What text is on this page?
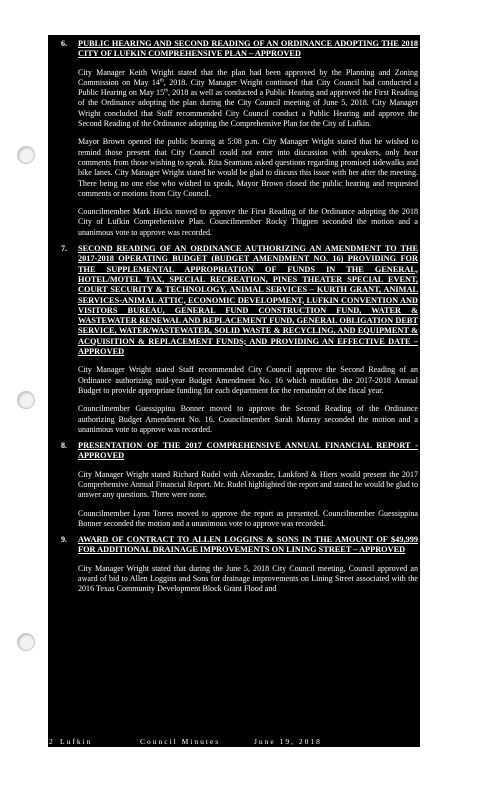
6. PUBLIC HEARING AND SECOND READING OF AN ORDINANCE ADOPTING THE 2018 CITY OF LUFKIN COMPREHENSIVE PLAN – APPROVED

City Manager Keith Wright stated that the plan had been approved by the Planning and Zoning Commission on May 14th, 2018. City Manager Wright continued that City Council had conducted a Public Hearing on May 15th, 2018 as well as conducted a Public Hearing and approved the First Reading of the Ordinance adopting the plan during the City Council meeting of June 5, 2018. City Manager Wright concluded that Staff recommended City Council conduct a Public Hearing and approve the Second Reading of the Ordinance adopting the Comprehensive Plan for the City of Lufkin.

Mayor Brown opened the public hearing at 5:08 p.m. City Manager Wright stated that he wished to remind those present that City Council could not enter into discussion with speakers, only hear comments from those wishing to speak. Rita Seamans asked questions regarding promised sidewalks and bike lanes. City Manager Wright stated he would be glad to discuss this issue with her after the meeting. There being no one else who wished to speak, Mayor Brown closed the public hearing and requested comments or motions from City Council.

Councilmember Mark Hicks moved to approve the First Reading of the Ordinance adopting the 2018 City of Lufkin Comprehensive Plan. Councilmember Rocky Thigpen seconded the motion and a unanimous vote to approve was recorded.

7. SECOND READING OF AN ORDINANCE AUTHORIZING AN AMENDMENT TO THE 2017-2018 OPERATING BUDGET (BUDGET AMENDMENT NO. 16) PROVIDING FOR THE SUPPLEMENTAL APPROPRIATION OF FUNDS IN THE GENERAL, HOTEL/MOTEL TAX, SPECIAL RECREATION, PINES THEATER SPECIAL EVENT, COURT SECURITY & TECHNOLOGY, ANIMAL SERVICES – KURTH GRANT, ANIMAL SERVICES-ANIMAL ATTIC, ECONOMIC DEVELOPMENT, LUFKIN CONVENTION AND VISITORS BUREAU, GENERAL FUND CONSTRUCTION FUND, WATER & WASTEWATER RENEWAL AND REPLACEMENT FUND, GENERAL OBLIGATION DEBT SERVICE, WATER/WASTEWATER, SOLID WASTE & RECYCLING, AND EQUIPMENT & ACQUISITION & REPLACEMENT FUNDS; AND PROVIDING AN EFFECTIVE DATE – APPROVED

City Manager Wright stated Staff recommended City Council approve the Second Reading of an Ordinance authorizing mid-year Budget Amendment No. 16 which modifies the 2017-2018 Annual Budget to provide appropriate funding for each department for the remainder of the fiscal year.

Councilmember Guessippina Bonner moved to approve the Second Reading of the Ordinance authorizing Budget Amendment No. 16. Councilmember Sarah Murray seconded the motion and a unanimous vote to approve was recorded.

8. PRESENTATION OF THE 2017 COMPREHENSIVE ANNUAL FINANCIAL REPORT - APPROVED

City Manager Wright stated Richard Rudel with Alexander, Lankford & Hiers would present the 2017 Comprehensive Annual Financial Report. Mr. Rudel highlighted the report and stated he would be glad to answer any questions. There were none.

Councilmember Lynn Torres moved to approve the report as presented. Councilmember Guessippina Bonner seconded the motion and a unanimous vote to approve was recorded.

9. AWARD OF CONTRACT TO ALLEN LOGGINS & SONS IN THE AMOUNT OF $49,999 FOR ADDITIONAL DRAINAGE IMPROVEMENTS ON LINING STREET – APPROVED

City Manager Wright stated that during the June 5, 2018 City Council meeting, Council approved an award of bid to Allen Loggins and Sons for drainage improvements on Lining Street associated with the 2016 Texas Community Development Block Grant Flood and

2 Lufkin	Council Minutes	June 19, 2018
